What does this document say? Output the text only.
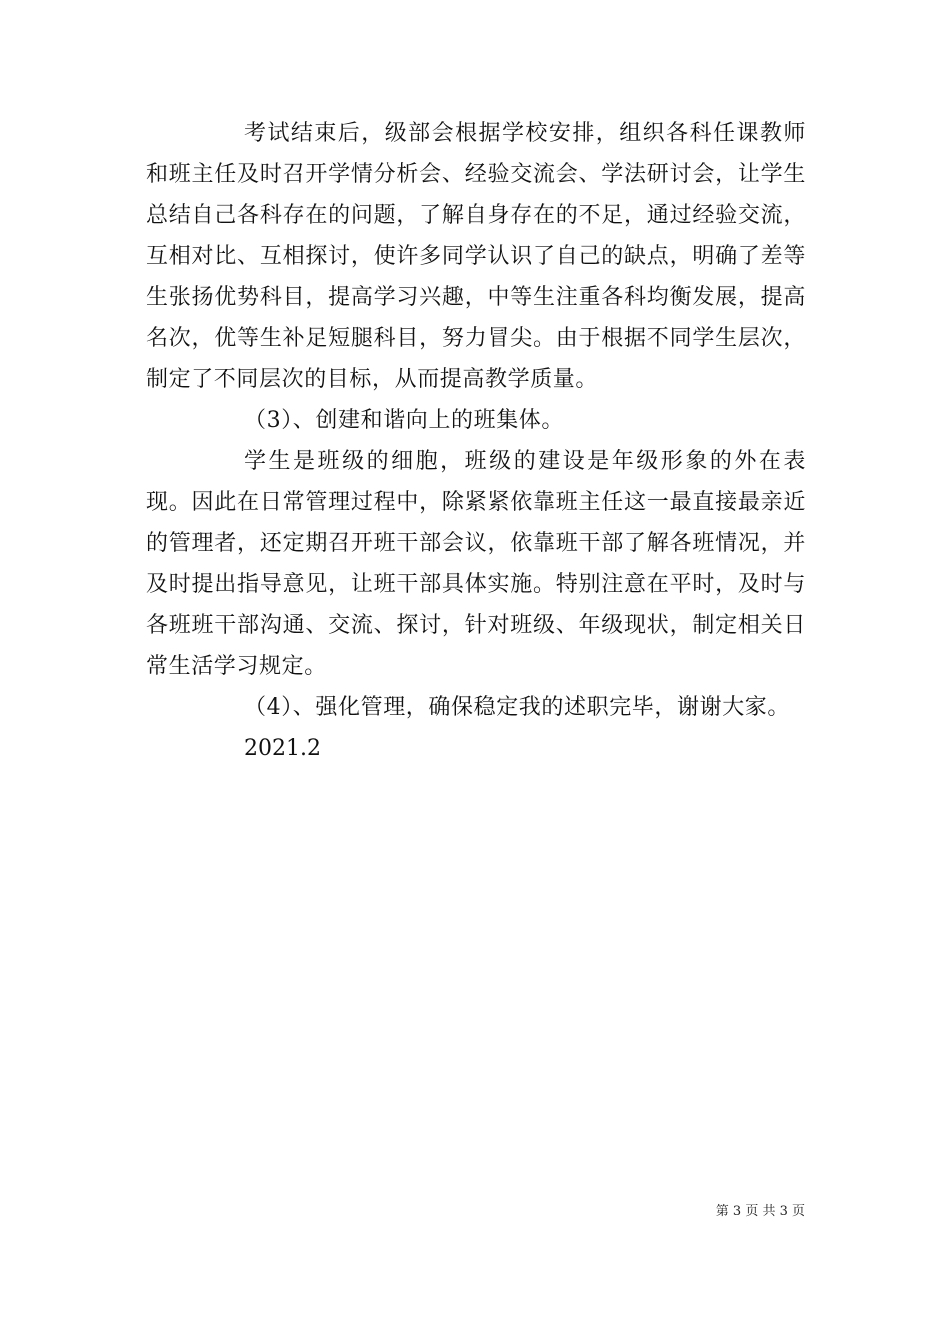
考试结束后，级部会根据学校安排，组织各科任课教师和班主任及时召开学情分析会、经验交流会、学法研讨会，让学生总结自己各科存在的问题，了解自身存在的不足，通过经验交流，互相对比、互相探讨，使许多同学认识了自己的缺点，明确了差等生张扬优势科目，提高学习兴趣，中等生注重各科均衡发展，提高名次，优等生补足短腿科目，努力冒尖。由于根据不同学生层次，制定了不同层次的目标，从而提高教学质量。

（3）、创建和谐向上的班集体。

学生是班级的细胞，班级的建设是年级形象的外在表现。因此在日常管理过程中，除紧紧依靠班主任这一最直接最亲近的管理者，还定期召开班干部会议，依靠班干部了解各班情况，并及时提出指导意见，让班干部具体实施。特别注意在平时，及时与各班班干部沟通、交流、探讨，针对班级、年级现状，制定相关日常生活学习规定。

（4）、强化管理，确保稳定我的述职完毕，谢谢大家。

2021.2

第 3 页 共 3 页
